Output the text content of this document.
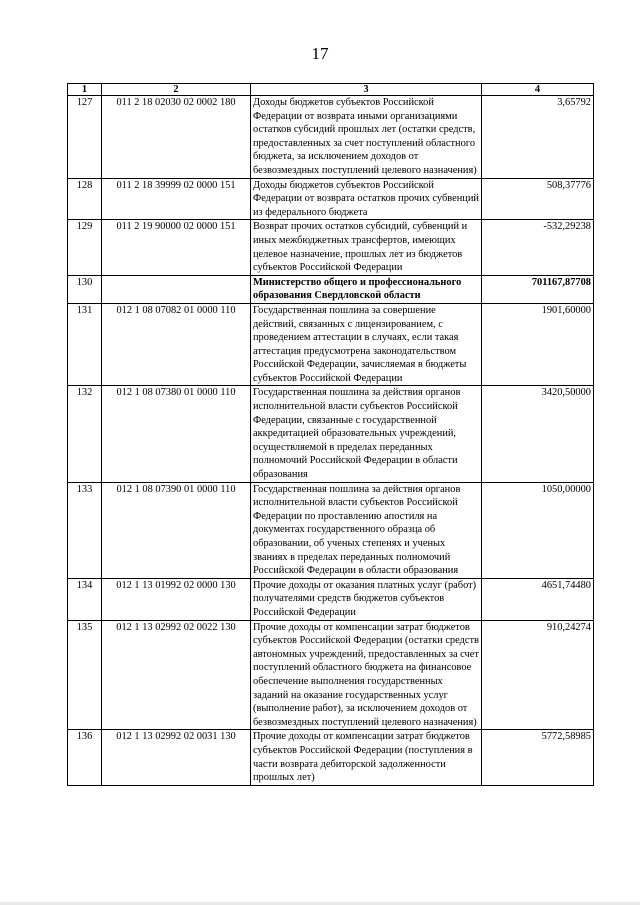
17
1	2	3	4
127	011 2 18 02030 02 0002 180	Доходы бюджетов субъектов Российской Федерации от возврата иными организациями остатков субсидий прошлых лет (остатки средств, предоставленных за счет поступлений областного бюджета, за исключением доходов от безвозмездных поступлений целевого назначения)	3,65792
128	011 2 18 39999 02 0000 151	Доходы бюджетов субъектов Российской Федерации от возврата остатков прочих субвенций из федерального бюджета	508,37776
129	011 2 19 90000 02 0000 151	Возврат прочих остатков субсидий, субвенций и иных межбюджетных трансфертов, имеющих целевое назначение, прошлых лет из бюджетов субъектов Российской Федерации	-532,29238
130		Министерство общего и профессионального образования Свердловской области	701167,87708
131	012 1 08 07082 01 0000 110	Государственная пошлина за совершение действий, связанных с лицензированием, с проведением аттестации в случаях, если такая аттестация предусмотрена законодательством Российской Федерации, зачисляемая в бюджеты субъектов Российской Федерации	1901,60000
132	012 1 08 07380 01 0000 110	Государственная пошлина за действия органов исполнительной власти субъектов Российской Федерации, связанные с государственной аккредитацией образовательных учреждений, осуществляемой в пределах переданных полномочий Российской Федерации в области образования	3420,50000
133	012 1 08 07390 01 0000 110	Государственная пошлина за действия органов исполнительной власти субъектов Российской Федерации по проставлению апостиля на документах государственного образца об образовании, об ученых степенях и ученых званиях в пределах переданных полномочий Российской Федерации в области образования	1050,00000
134	012 1 13 01992 02 0000 130	Прочие доходы от оказания платных услуг (работ) получателями средств бюджетов субъектов Российской Федерации	4651,74480
135	012 1 13 02992 02 0022 130	Прочие доходы от компенсации затрат бюджетов субъектов Российской Федерации (остатки средств автономных учреждений, предоставленных за счет поступлений областного бюджета на финансовое обеспечение выполнения государственных заданий на оказание государственных услуг (выполнение работ), за исключением доходов от безвозмездных поступлений целевого назначения)	910,24274
136	012 1 13 02992 02 0031 130	Прочие доходы от компенсации затрат бюджетов субъектов Российской Федерации (поступления в части возврата дебиторской задолженности прошлых лет)	5772,58985
